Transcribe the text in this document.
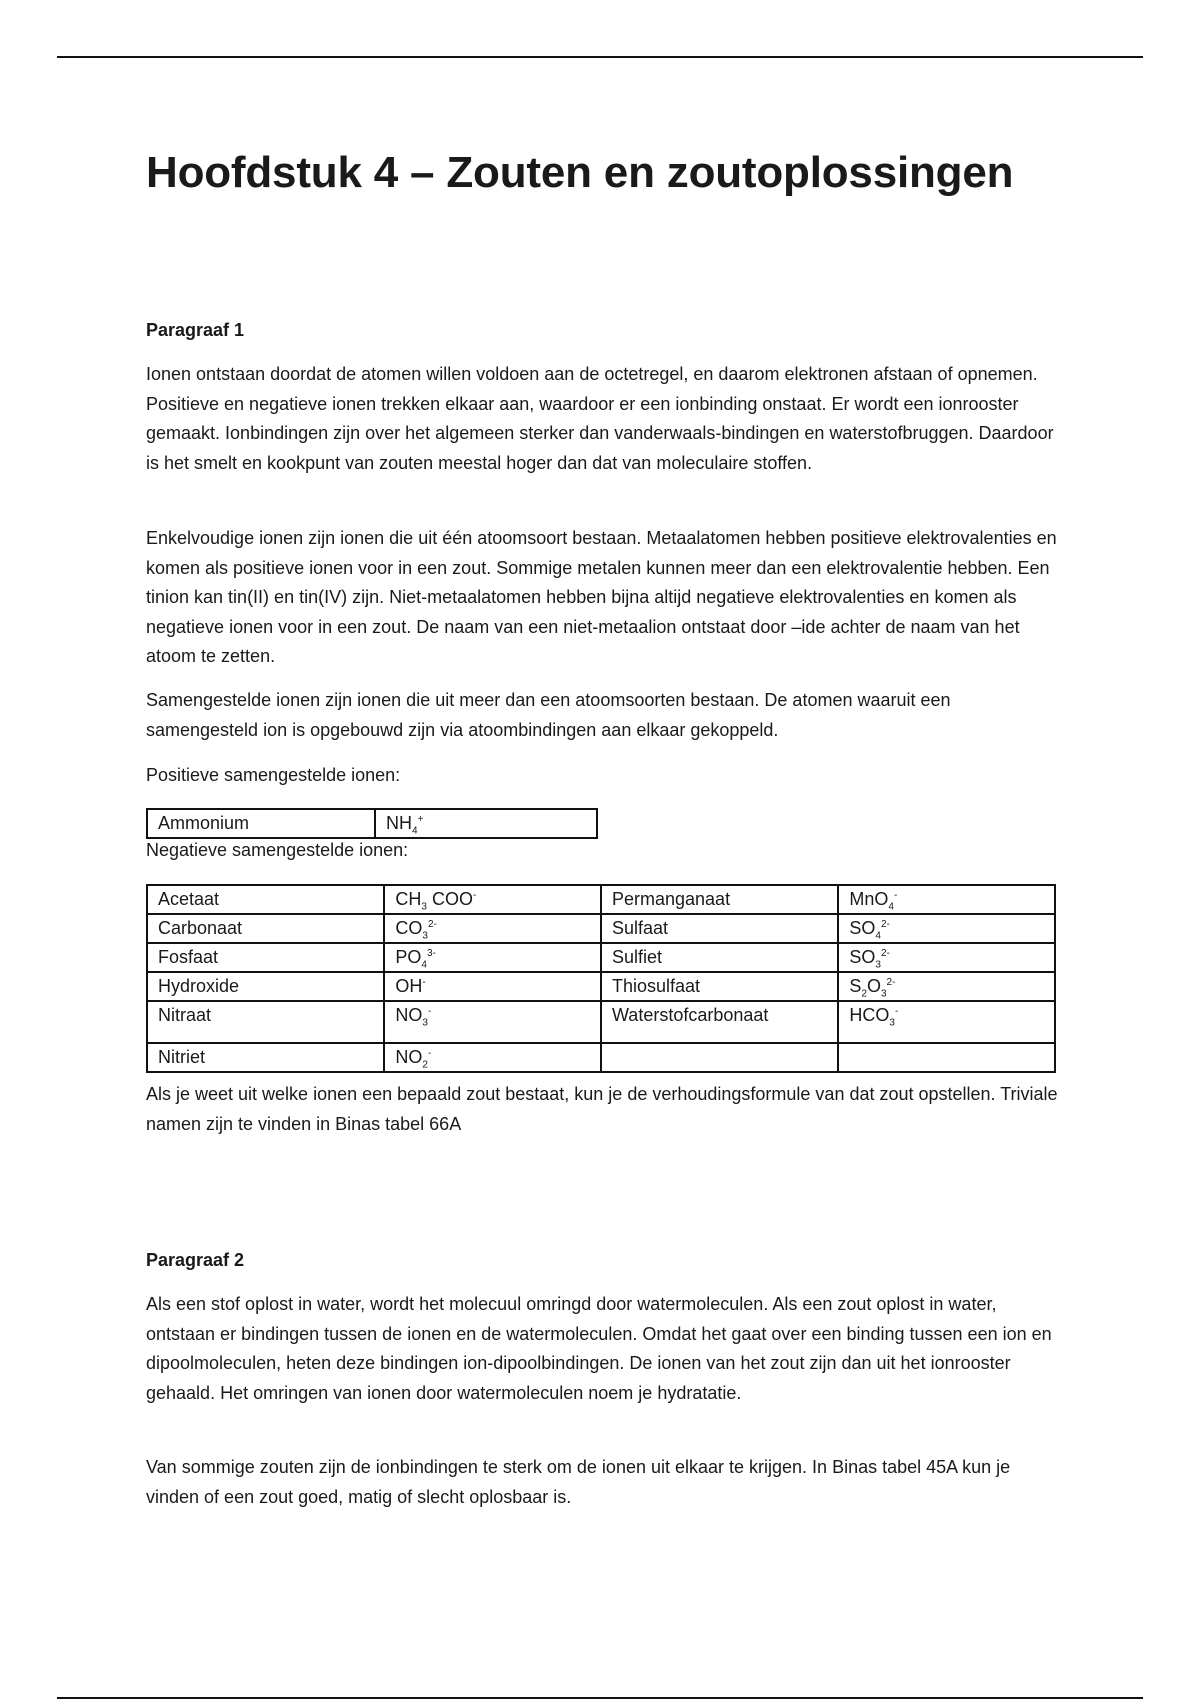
Hoofdstuk 4 – Zouten en zoutoplossingen

Paragraaf 1

Ionen ontstaan doordat de atomen willen voldoen aan de octetregel, en daarom elektronen afstaan of opnemen. Positieve en negatieve ionen trekken elkaar aan, waardoor er een ionbinding onstaat. Er wordt een ionrooster gemaakt. Ionbindingen zijn over het algemeen sterker dan vanderwaals-bindingen en waterstofbruggen. Daardoor is het smelt en kookpunt van zouten meestal hoger dan dat van moleculaire stoffen.

Enkelvoudige ionen zijn ionen die uit één atoomsoort bestaan. Metaalatomen hebben positieve elektrovalenties en komen als positieve ionen voor in een zout. Sommige metalen kunnen meer dan een elektrovalentie hebben. Een tinion kan tin(II) en tin(IV) zijn. Niet-metaalatomen hebben bijna altijd negatieve elektrovalenties en komen als negatieve ionen voor in een zout. De naam van een niet-metaalion ontstaat door –ide achter de naam van het atoom te zetten.

Samengestelde ionen zijn ionen die uit meer dan een atoomsoorten bestaan. De atomen waaruit een samengesteld ion is opgebouwd zijn via atoombindingen aan elkaar gekoppeld.

Positieve samengestelde ionen:

Ammonium	$NH_4^+$

Negatieve samengestelde ionen:

Acetaat	$CH_3$ COO-	Permanganaat	MnO$_4$-
Carbonaat	$CO_3^{2-}$	Sulfaat	$SO_4^{2-}$
Fosfaat	$PO_4^{3-}$	Sulfiet	$SO_3^{2-}$
Hydroxide	OH-	Thiosulfaat	$S_2O_3^{2-}$
Nitraat	$NO_3^-$	Waterstofcarbonaat	$HCO_3^-$
Nitriet	$NO_2^-$		

Als je weet uit welke ionen een bepaald zout bestaat, kun je de verhoudingsformule van dat zout opstellen. Triviale namen zijn te vinden in Binas tabel 66A

Paragraaf 2

Als een stof oplost in water, wordt het molecuul omringd door watermoleculen. Als een zout oplost in water, ontstaan er bindingen tussen de ionen en de watermoleculen. Omdat het gaat over een binding tussen een ion en dipoolmoleculen, heten deze bindingen ion-dipoolbindingen. De ionen van het zout zijn dan uit het ionrooster gehaald. Het omringen van ionen door watermoleculen noem je hydratatie.

Van sommige zouten zijn de ionbindingen te sterk om de ionen uit elkaar te krijgen. In Binas tabel 45A kun je vinden of een zout goed, matig of slecht oplosbaar is.
